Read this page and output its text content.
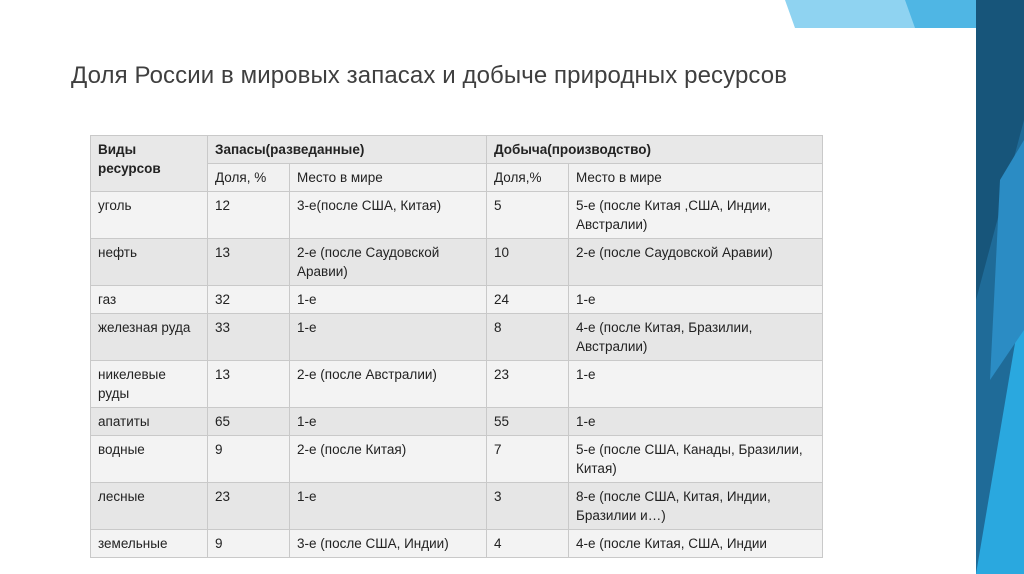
Доля России в мировых запасах и добыче природных ресурсов
Виды ресурсов	Запасы(разведанные)		Добыча(производство)	
	Доля, %	Место в мире	Доля,%	Место в мире
уголь	12	3-е(после США, Китая)	5	5-е (после Китая ,США, Индии, Австралии)
нефть	13	2-е (после Саудовской Аравии)	10	2-е (после Саудовской Аравии)
газ	32	1-е	24	1-е
железная руда	33	1-е	8	4-е (после Китая, Бразилии, Австралии)
никелевые руды	13	2-е (после Австралии)	23	1-е
апатиты	65	1-е	55	1-е
водные	9	2-е (после Китая)	7	5-е (после США, Канады, Бразилии, Китая)
лесные	23	1-е	3	8-е (после США, Китая, Индии, Бразилии и…)
земельные	9	3-е (после США, Индии)	4	4-е (после Китая, США, Индии
